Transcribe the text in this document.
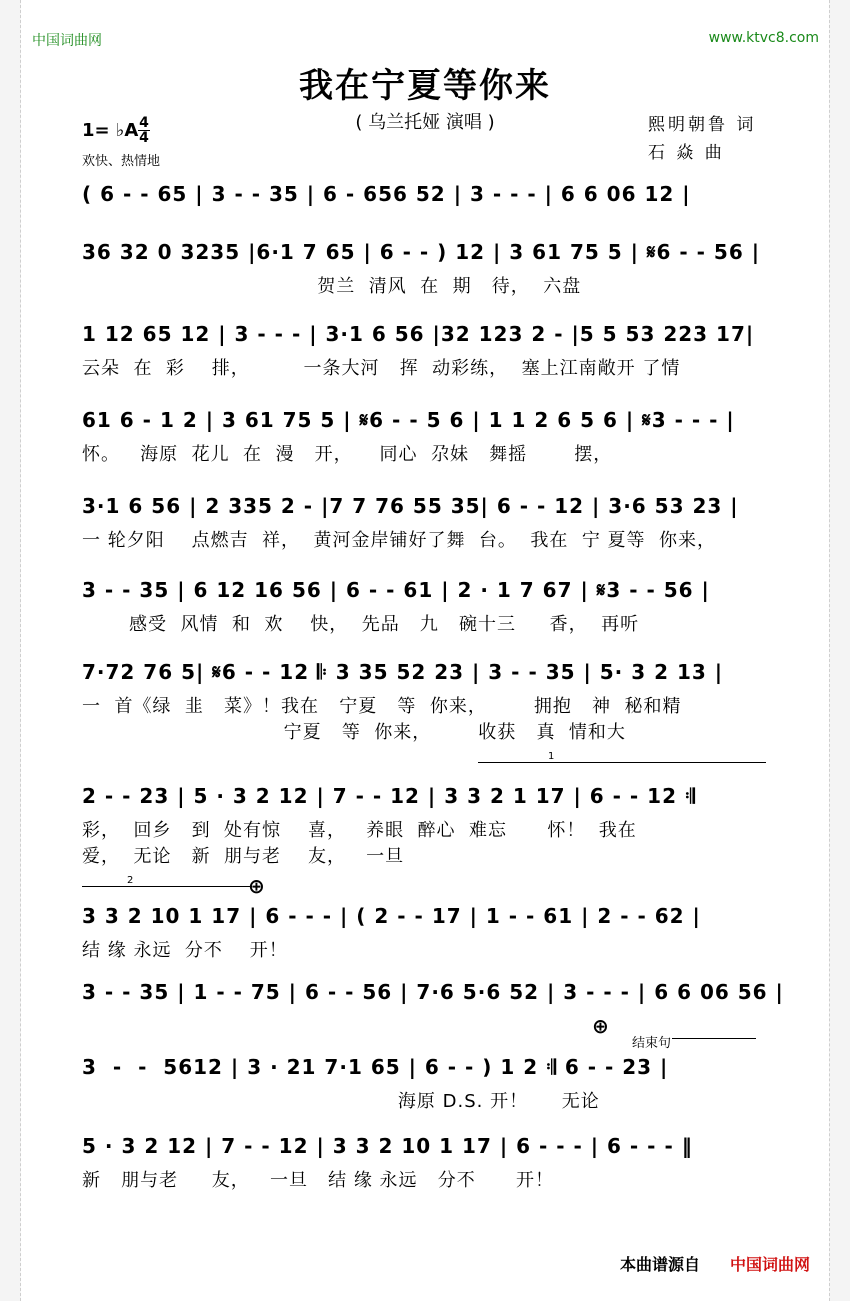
中国词曲网	www.ktvc8.com
我在宁夏等你来
( 乌兰托娅 演唱 )	熙明朝鲁 词
石 焱 曲
1= ♭A 4
4
欢快、热情地
( 6 - - 65 | 3 - - 35 | 6 - 656 52 | 3 - - - | 6 6 06 12 |
36 32 0 3235 |6·1 7 65 | 6 - - ) 12 | 3 61 75 5 | 𝄋6 - - 56 |
贺兰  清风  在  期   待，  六盘
1 12 65 12 | 3 - - - | 3·1 6 56 |32 123 2 - |5 5 53 223 17|
云朵  在  彩    排，        一条大河   挥  动彩练，  塞上江南敞开 了情
61 6 - 1 2 | 3 61 75 5 | 𝄋6 - - 5 6 | 1 1 2 6 5 6 | 𝄋3 - - - |
怀。   海原  花儿  在  漫   开，    同心  尕妹   舞摇       摆，
3·1 6 56 | 2 335 2 - |7 7 76 55 35| 6 - - 12 | 3·6 53 23 |
一 轮夕阳    点燃吉  祥，  黄河金岸铺好了舞  台。  我在  宁 夏等  你来，
3 - - 35 | 6 12 16 56 | 6 - - 61 | 2 · 1 7 67 | 𝄋3 - - 56 |
感受  风情  和  欢    快，  先品   九   碗十三     香，  再听
7·72 76 5| 𝄋6 - - 12 𝄆 3 35 52 23 | 3 - - 35 | 5· 3 2 13 |
一  首《绿  韭   菜》！我在   宁夏   等  你来，       拥抱   神  秘和精
宁夏   等  你来，       收获   真  情和大
2 - - 23 | 5 · 3 2 12 | 7 - - 12 | 3 3 2 1 17 | 6 - - 12 𝄇
彩，  回乡   到  处有惊    喜，   养眼  醉心  难忘      怀！  我在
爱，  无论   新  朋与老    友，   一旦
3 3 2 10 1 17 | 6 - - - | ( 2 - - 17 | 1 - - 61 | 2 - - 62 |
结 缘 永远  分不    开！
3 - - 35 | 1 - - 75 | 6 - - 56 | 7·6 5·6 52 | 3 - - - | 6 6 06 56 |
3  -  -  5612 | 3 · 21 7·1 65 | 6 - - ) 1 2 𝄇 6 - - 23 |
海原 D.S. 开！     无论
5 · 3 2 12 | 7 - - 12 | 3 3 2 10 1 17 | 6 - - - | 6 - - - ‖
新   朋与老     友，   一旦   结 缘 永远   分不      开！
1
2	⊕
⊕
结束句
本曲谱源自 中国词曲网
